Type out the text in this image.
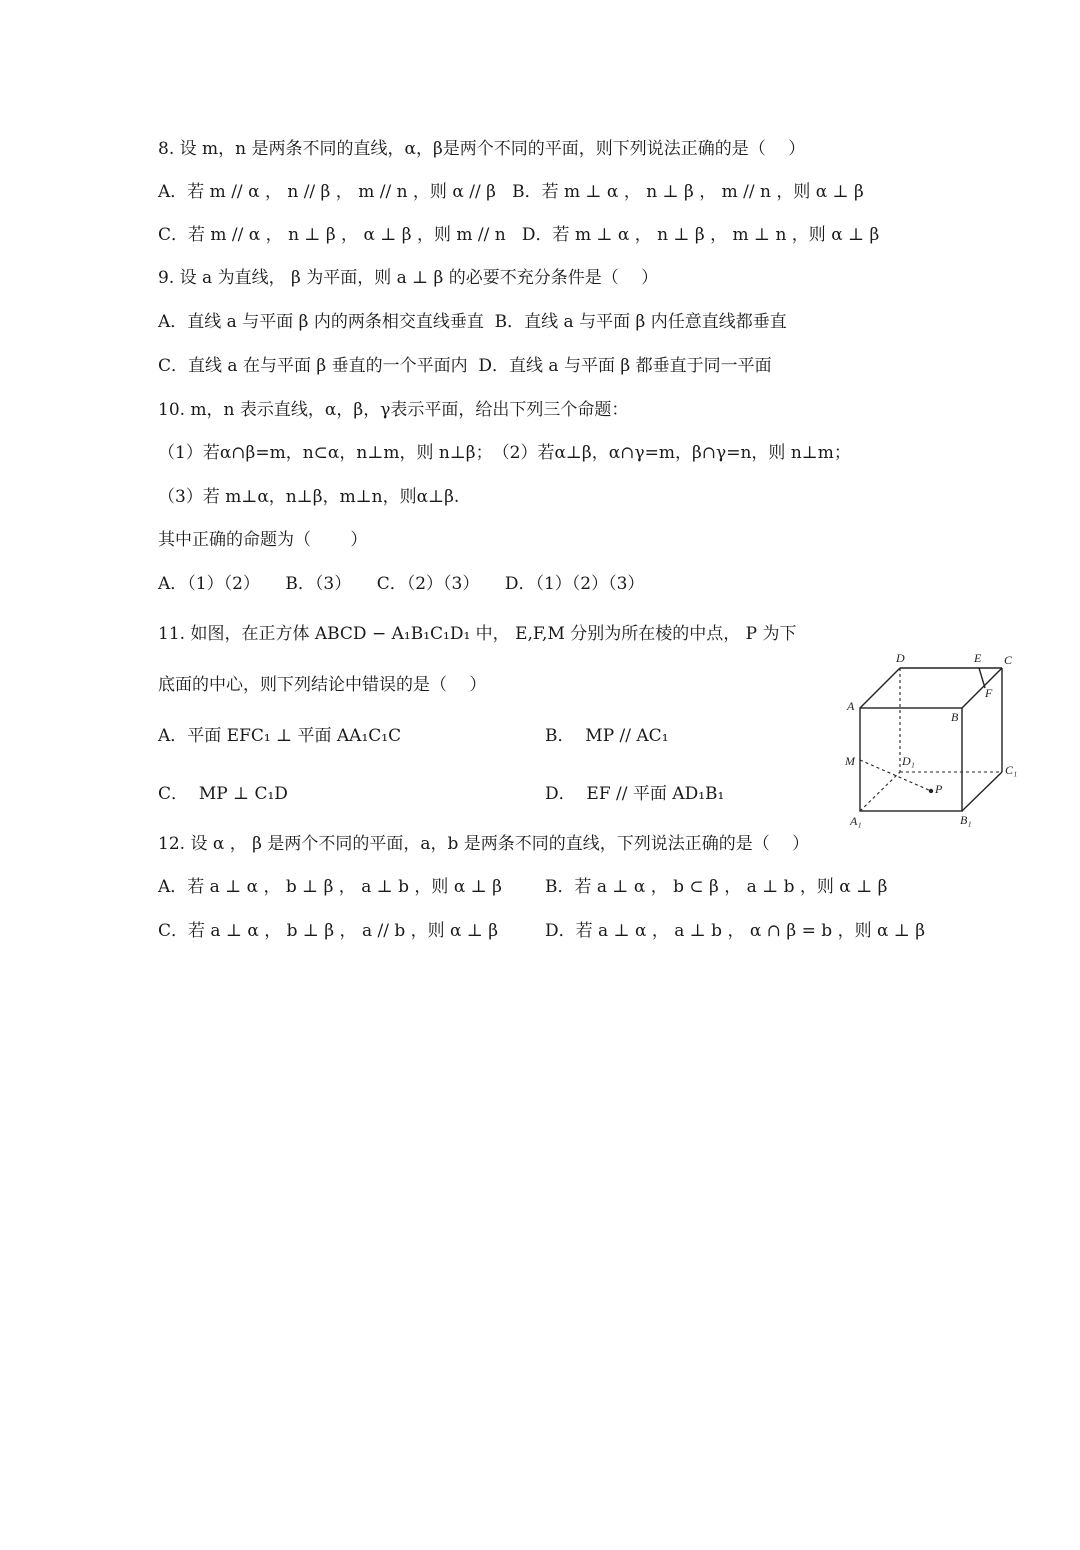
8. 设 m，n 是两条不同的直线，α，β是两个不同的平面，则下列说法正确的是（　 ）
A．若 m // α ， n // β ， m // n ，则 α // β   B．若 m ⊥ α ， n ⊥ β ， m // n ，则 α ⊥ β
C．若 m // α ， n ⊥ β ， α ⊥ β ，则 m // n   D．若 m ⊥ α ， n ⊥ β ， m ⊥ n ，则 α ⊥ β
9. 设 a 为直线， β 为平面，则 a ⊥ β 的必要不充分条件是（　 ）
A．直线 a 与平面 β 内的两条相交直线垂直  B．直线 a 与平面 β 内任意直线都垂直
C．直线 a 在与平面 β 垂直的一个平面内  D．直线 a 与平面 β 都垂直于同一平面
10. m，n 表示直线，α，β，γ表示平面，给出下列三个命题：
（1）若α∩β=m，n⊂α，n⊥m，则 n⊥β；　（2）若α⊥β，α∩γ=m，β∩γ=n，则 n⊥m；
（3）若 m⊥α，n⊥β，m⊥n，则α⊥β.
其中正确的命题为（　　 ）
A．（1）（2）　　B．（3）　　C．（2）（3）　　D．（1）（2）（3）
11. 如图，在正方体 ABCD − A₁B₁C₁D₁ 中， E,F,M 分别为所在棱的中点， P 为下
底面的中心，则下列结论中错误的是（　 ）
A．平面 EFC₁ ⊥ 平面 AA₁C₁C	B．  MP // AC₁
C．  MP ⊥ C₁D	D．  EF // 平面 AD₁B₁
D	E C
F
A
B
M	D₁
C₁
P
A₁	B₁
12. 设 α ， β 是两个不同的平面，a，b 是两条不同的直线，下列说法正确的是（　 ）
A．若 a ⊥ α ， b ⊥ β ， a ⊥ b ，则 α ⊥ β	B．若 a ⊥ α ， b ⊂ β ， a ⊥ b ，则 α ⊥ β
C．若 a ⊥ α ， b ⊥ β ， a // b ，则 α ⊥ β	D．若 a ⊥ α ， a ⊥ b ， α ∩ β = b ，则 α ⊥ β
